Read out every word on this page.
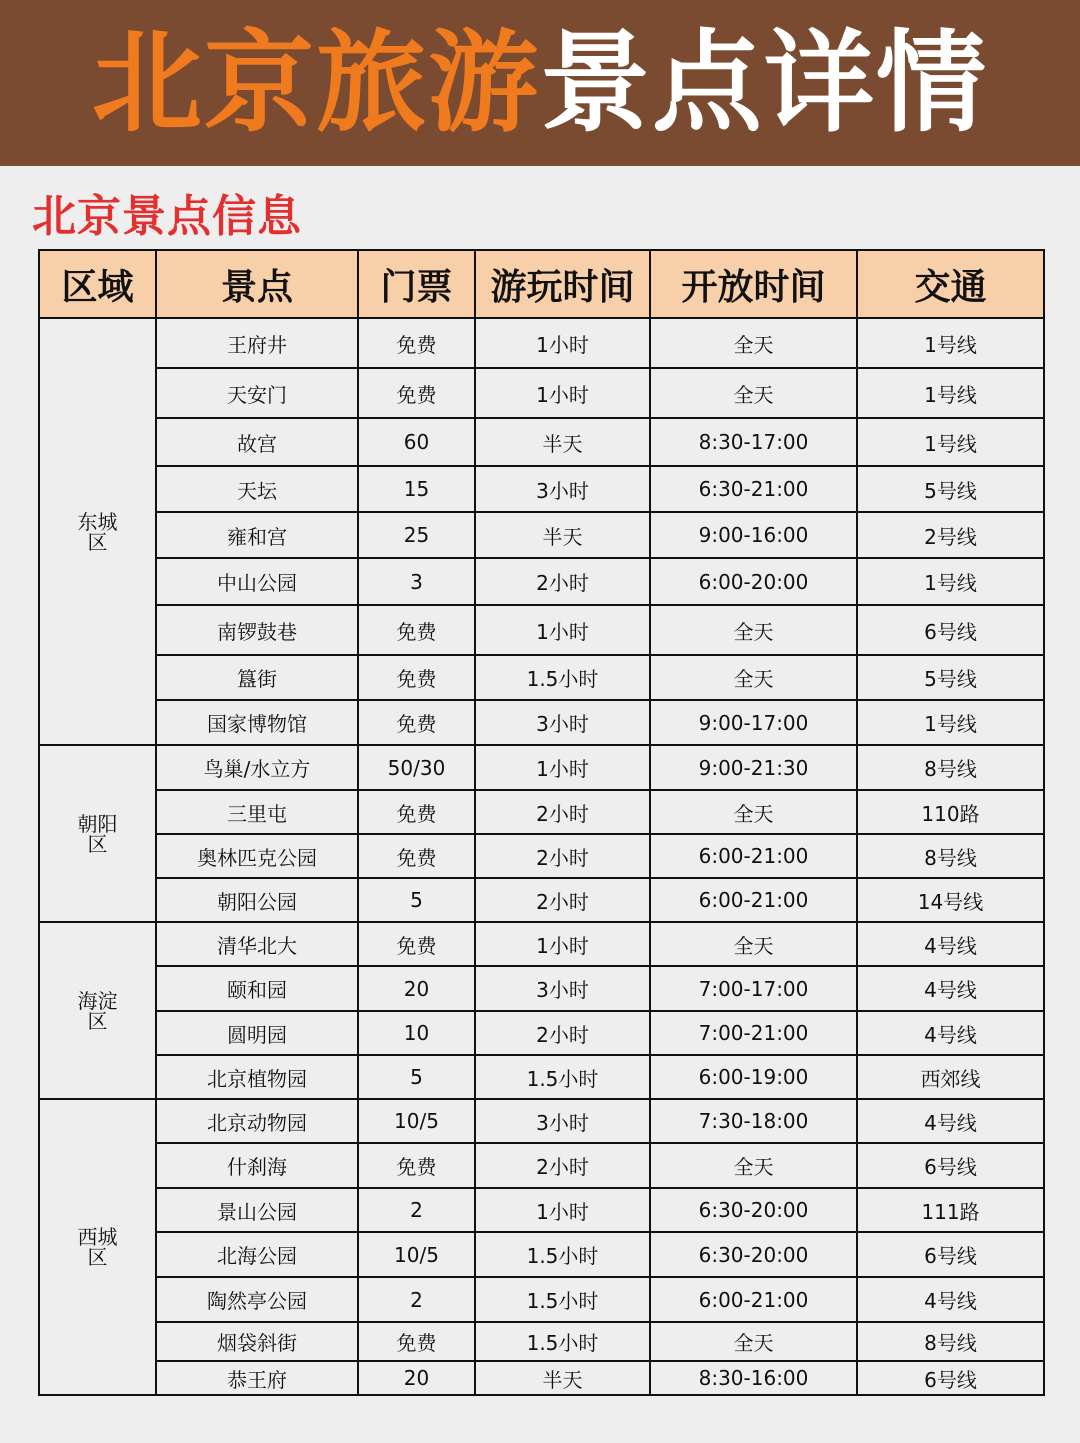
北京旅游景点详情
北京景点信息
区域	景点	门票	游玩时间	开放时间	交通
东城区	王府井	免费	1小时	全天	1号线
	天安门	免费	1小时	全天	1号线
	故宫	60	半天	8:30-17:00	1号线
	天坛	15	3小时	6:30-21:00	5号线
	雍和宫	25	半天	9:00-16:00	2号线
	中山公园	3	2小时	6:00-20:00	1号线
	南锣鼓巷	免费	1小时	全天	6号线
	簋街	免费	1.5小时	全天	5号线
	国家博物馆	免费	3小时	9:00-17:00	1号线
朝阳区	鸟巢/水立方	50/30	1小时	9:00-21:30	8号线
	三里屯	免费	2小时	全天	110路
	奥林匹克公园	免费	2小时	6:00-21:00	8号线
	朝阳公园	5	2小时	6:00-21:00	14号线
海淀区	清华北大	免费	1小时	全天	4号线
	颐和园	20	3小时	7:00-17:00	4号线
	圆明园	10	2小时	7:00-21:00	4号线
	北京植物园	5	1.5小时	6:00-19:00	西郊线
西城区	北京动物园	10/5	3小时	7:30-18:00	4号线
	什刹海	免费	2小时	全天	6号线
	景山公园	2	1小时	6:30-20:00	111路
	北海公园	10/5	1.5小时	6:30-20:00	6号线
	陶然亭公园	2	1.5小时	6:00-21:00	4号线
	烟袋斜街	免费	1.5小时	全天	8号线
	恭王府	20	半天	8:30-16:00	6号线
